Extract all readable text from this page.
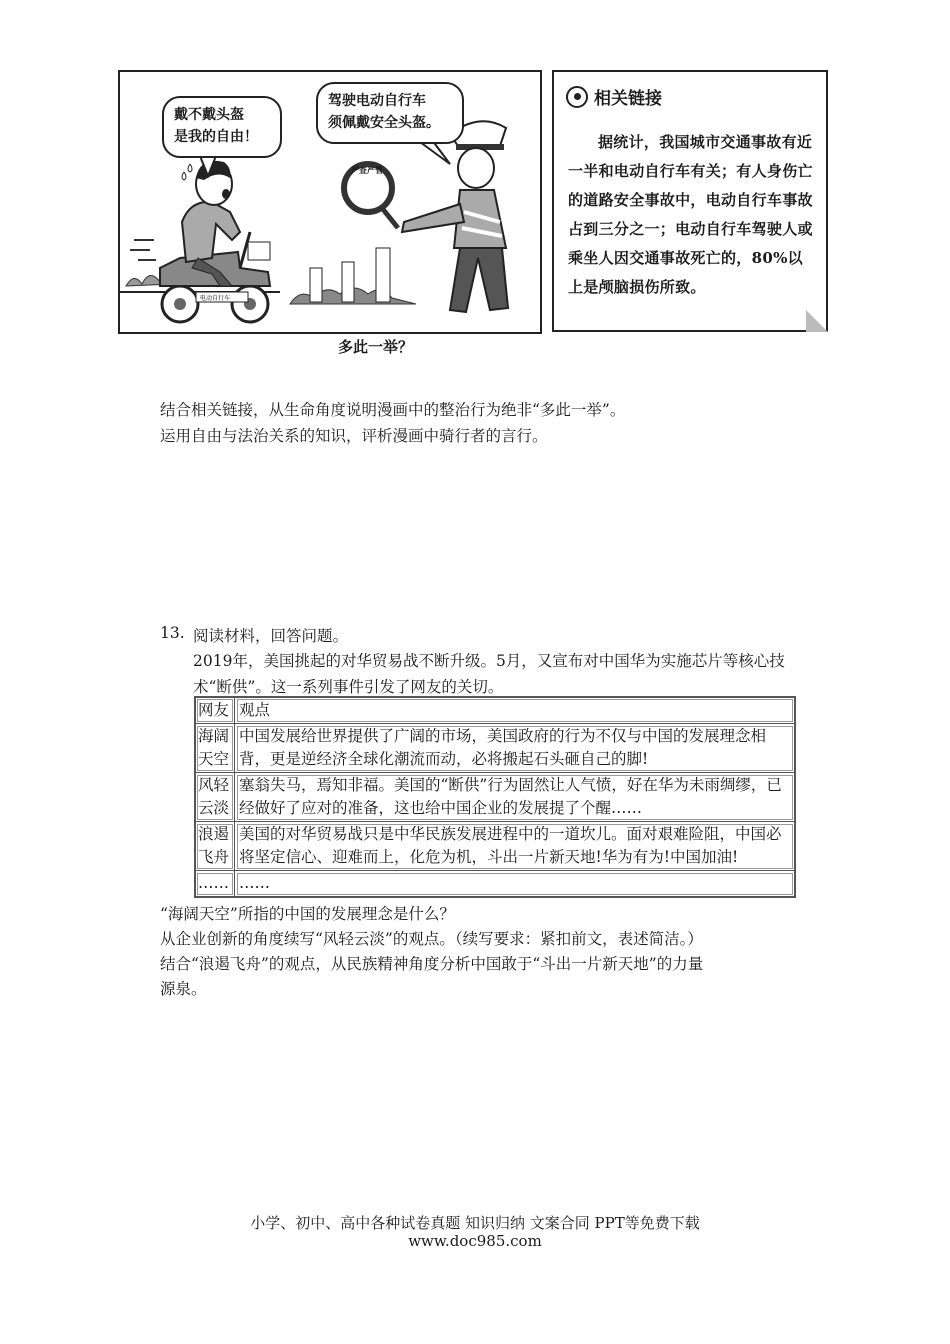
电动自行车
戴不戴头盔
是我的自由！
驾驶电动自行车
须佩戴安全头盔。
严查严管
相关链接
据统计，我国城市交通事故有近一半和电动自行车有关；有人身伤亡的道路安全事故中，电动自行车事故占到三分之一；电动自行车驾驶人或乘坐人因交通事故死亡的，80%以上是颅脑损伤所致。
多此一举？
结合相关链接，从生命角度说明漫画中的整治行为绝非“多此一举”。
运用自由与法治关系的知识，评析漫画中骑行者的言行。
13. 阅读材料，回答问题。
2019年，美国挑起的对华贸易战不断升级。5月，又宣布对中国华为实施芯片等核心技术“断供”。这一系列事件引发了网友的关切。
网友	观点
海阔天空	中国发展给世界提供了广阔的市场，美国政府的行为不仅与中国的发展理念相背，更是逆经济全球化潮流而动，必将搬起石头砸自己的脚!
风轻云淡	塞翁失马，焉知非福。美国的“断供”行为固然让人气愤，好在华为未雨绸缪，已经做好了应对的准备，这也给中国企业的发展提了个醒……
浪遏飞舟	美国的对华贸易战只是中华民族发展进程中的一道坎儿。面对艰难险阻，中国必将坚定信心、迎难而上，化危为机，斗出一片新天地!华为有为!中国加油!
……	……
“海阔天空”所指的中国的发展理念是什么？
从企业创新的角度续写“风轻云淡”的观点。（续写要求：紧扣前文，表述简洁。）
结合“浪遏飞舟”的观点，从民族精神角度分析中国敢于“斗出一片新天地”的力量
源泉。
小学、初中、高中各种试卷真题 知识归纳 文案合同 PPT等免费下载
www.doc985.com
